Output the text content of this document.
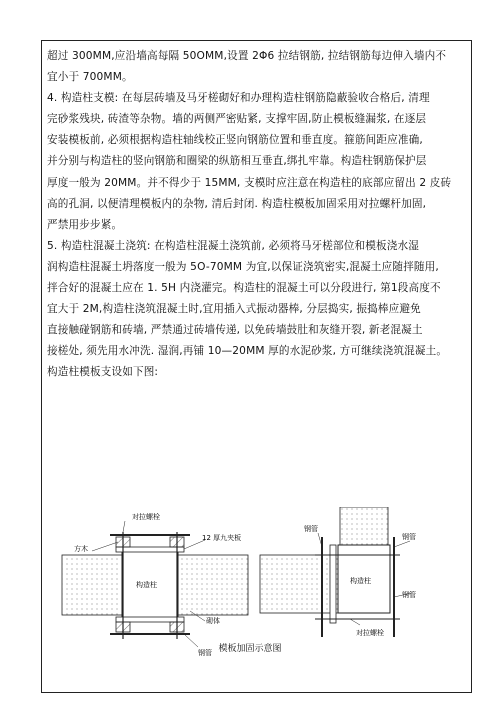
超过 300MM,应沿墙高每隔 50OMM,设置 2Φ6 拉结钢筋, 拉结钢筋每边伸入墙内不

宜小于 700MM。

4. 构造柱支模: 在每层砖墙及马牙槎砌好和办理构造柱钢筋隐蔽验收合格后, 清理

完砂浆残块, 砖渣等杂物。墙的两侧严密贴紧, 支撑牢固,防止模板缝漏浆, 在逐层

安装模板前, 必须根据构造柱轴线校正竖向钢筋位置和垂直度。箍筋间距应准确,

并分别与构造柱的竖向钢筋和圈梁的纵筋相互垂直,绑扎牢靠。构造柱钢筋保护层

厚度一般为 20MM。并不得少于 15MM, 支模时应注意在构造柱的底部应留出 2 皮砖

高的孔洞, 以便清理模板内的杂物, 清后封闭. 构造柱模板加固采用对拉螺杆加固,

严禁用步步紧。

5. 构造柱混凝土浇筑: 在构造柱混凝土浇筑前, 必须将马牙槎部位和模板浇水湿

润构造柱混凝土坍落度一般为 5O-70MM 为宜,以保证浇筑密实,混凝土应随拌随用,

拌合好的混凝土应在 1. 5H 内浇灌完。构造柱的混凝土可以分段进行, 第1段高度不

宜大于 2M,构造柱浇筑混凝土时,宜用插入式振动器棒, 分层捣实, 振捣棒应避免

直接触碰钢筋和砖墙, 严禁通过砖墙传递, 以免砖墙鼓肚和灰缝开裂, 新老混凝土

接槎处, 须先用水冲洗. 湿润,再铺 10—20MM 厚的水泥砂浆, 方可继续浇筑混凝土。

构造柱模板支设如下图:

对拉螺栓
方木
12 厚九夹板
构造柱
砌体
钢管
钢管
构造柱
钢管
钢管
对拉螺栓
模板加固示意图
